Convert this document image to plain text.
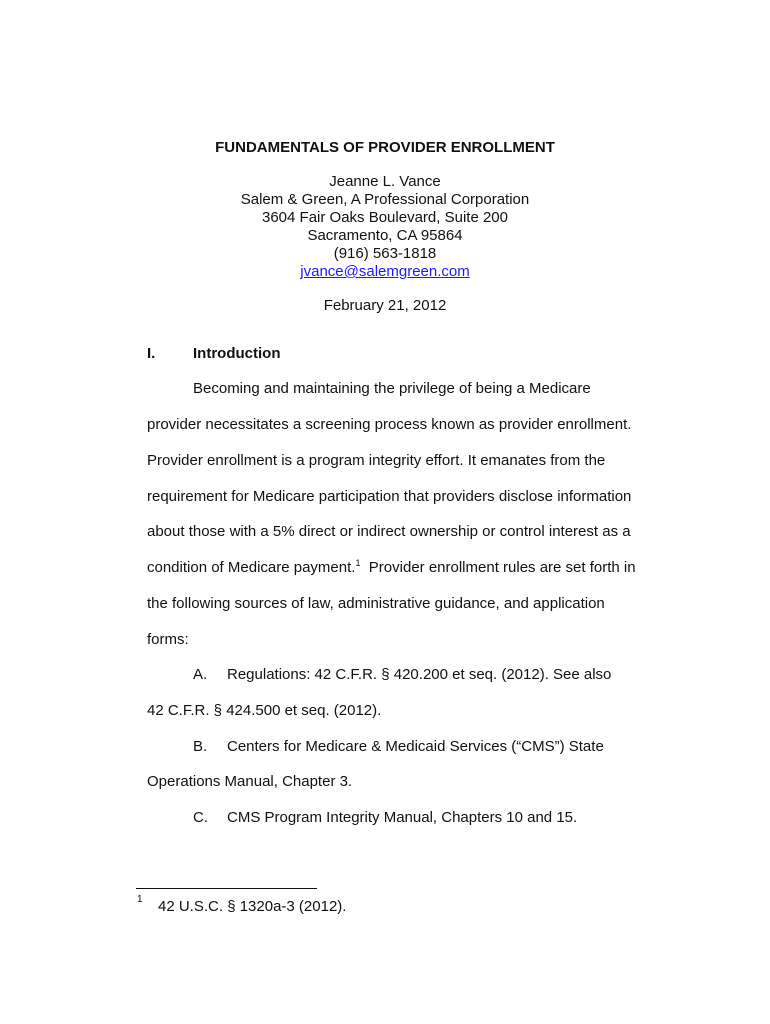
FUNDAMENTALS OF PROVIDER ENROLLMENT
Jeanne L. Vance
Salem & Green, A Professional Corporation
3604 Fair Oaks Boulevard, Suite 200
Sacramento, CA 95864
(916) 563-1818
jvance@salemgreen.com
February 21, 2012
I.	Introduction
Becoming and maintaining the privilege of being a Medicare
provider necessitates a screening process known as provider enrollment.
Provider enrollment is a program integrity effort. It emanates from the
requirement for Medicare participation that providers disclose information
about those with a 5% direct or indirect ownership or control interest as a
condition of Medicare payment.$^1$  Provider enrollment rules are set forth in
the following sources of law, administrative guidance, and application
forms:
A. Regulations: 42 C.F.R. § 420.200 et seq. (2012). See also
42 C.F.R. § 424.500 et seq. (2012).
B. Centers for Medicare & Medicaid Services (“CMS”) State
Operations Manual, Chapter 3.
C. CMS Program Integrity Manual, Chapters 10 and 15.
1 42 U.S.C. § 1320a-3 (2012).
